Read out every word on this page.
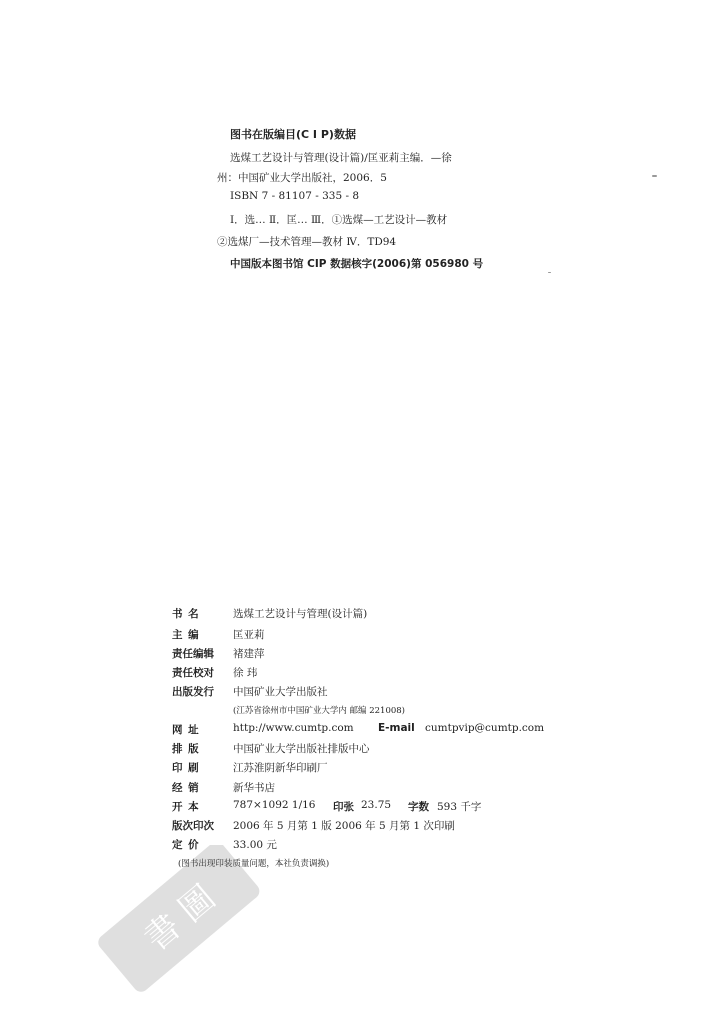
图书在版编目(C I P)数据
选煤工艺设计与管理(设计篇)/匡亚莉主编．—徐
州：中国矿业大学出版社，2006．5
ISBN 7 - 81107 - 335 - 8
Ⅰ．选… Ⅱ．匡… Ⅲ．①选煤—工艺设计—教材
②选煤厂—技术管理—教材 Ⅳ．TD94
中国版本图书馆 CIP 数据核字(2006)第 056980 号
书 名	选煤工艺设计与管理(设计篇)
主 编	匡亚莉
责任编辑 褚建萍
责任校对 徐 玮
出版发行 中国矿业大学出版社
(江苏省徐州市中国矿业大学内 邮编 221008)
网 址	http://www.cumtp.com E-mail cumtpvip@cumtp.com
排 版	中国矿业大学出版社排版中心
印 刷	江苏淮阴新华印刷厂
经 销	新华书店
开 本	787×1092 1/16 印张 23.75 字数 593 千字
版次印次 2006 年 5 月第 1 版 2006 年 5 月第 1 次印刷
定 价	33.00 元
(图书出现印装质量问题，本社负责调换)
書 圖
PDG
